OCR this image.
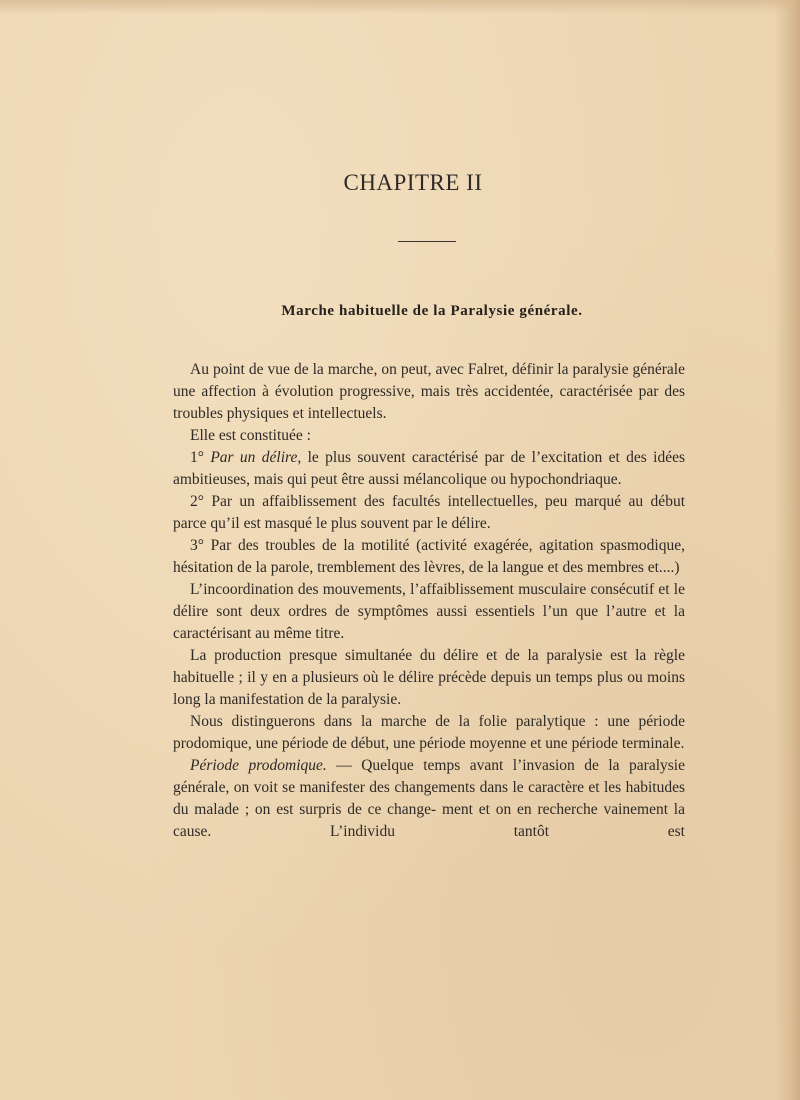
CHAPITRE II
Marche habituelle de la Paralysie générale.

Au point de vue de la marche, on peut, avec Falret, définir la paralysie générale une affection à évolution progressive, mais très accidentée, caractérisée par des troubles physiques et intellectuels.

Elle est constituée :

1° Par un délire, le plus souvent caractérisé par de l’excitation et des idées ambitieuses, mais qui peut être aussi mélancolique ou hypochondriaque.

2° Par un affaiblissement des facultés intellectuelles, peu marqué au début parce qu’il est masqué le plus souvent par le délire.

3° Par des troubles de la motilité (activité exagérée, agitation spasmodique, hésitation de la parole, tremblement des lèvres, de la langue et des membres et....)

L’incoordination des mouvements, l’affaiblissement musculaire consécutif et le délire sont deux ordres de symptômes aussi essentiels l’un que l’autre et la caractérisant au même titre.

La production presque simultanée du délire et de la paralysie est la règle habituelle ; il y en a plusieurs où le délire précède depuis un temps plus ou moins long la manifestation de la paralysie.

Nous distinguerons dans la marche de la folie paralytique : une période prodomique, une période de début, une période moyenne et une période terminale.

Période prodomique. — Quelque temps avant l’invasion de la paralysie générale, on voit se manifester des changements dans le caractère et les habitudes du malade ; on est surpris de ce change- ment et on en recherche vainement la cause. L’individu tantôt est
